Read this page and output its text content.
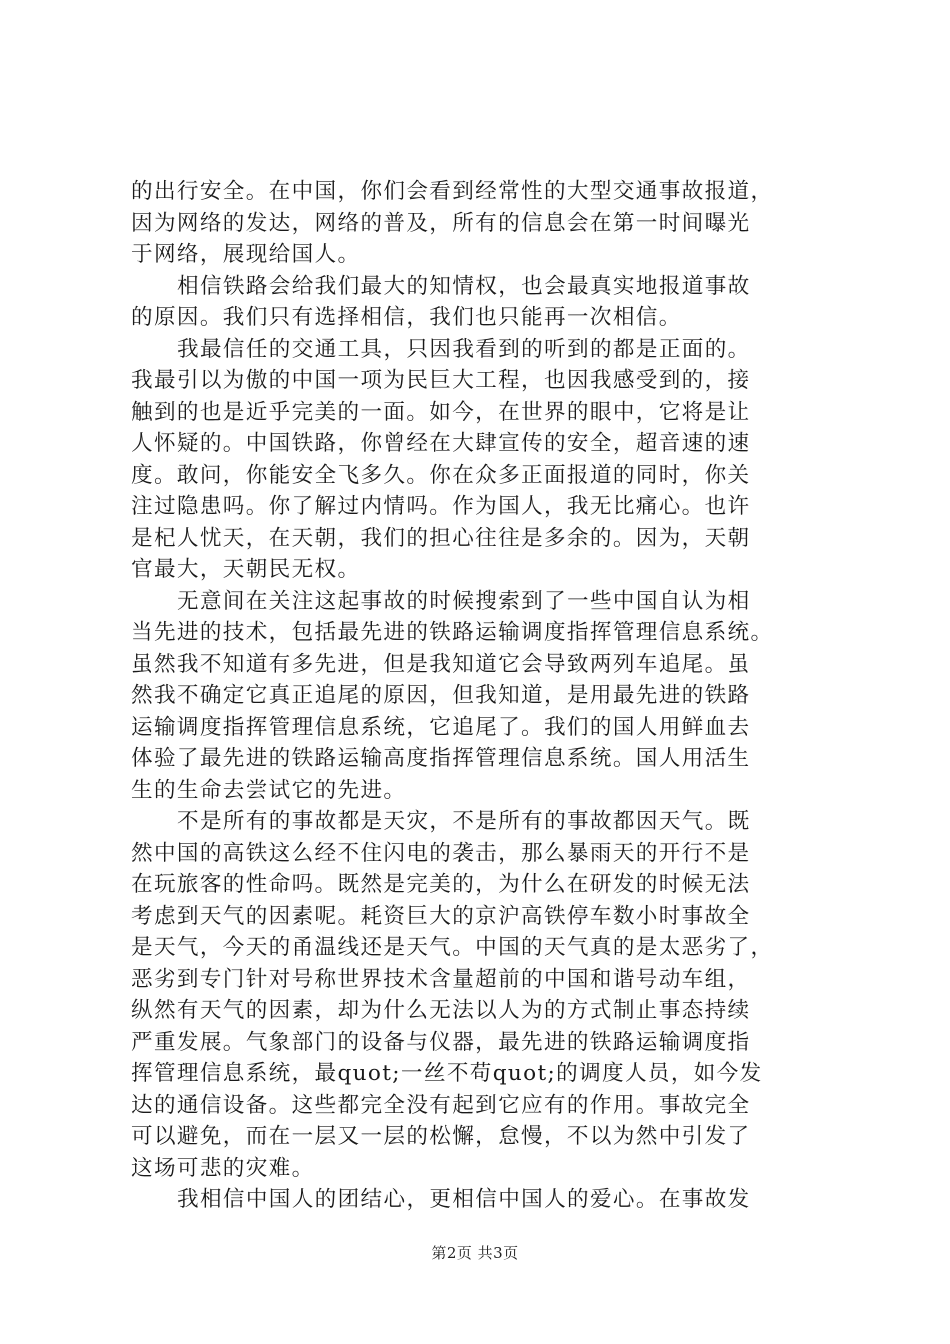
的出行安全。在中国，你们会看到经常性的大型交通事故报道，
因为网络的发达，网络的普及，所有的信息会在第一时间曝光
于网络，展现给国人。
相信铁路会给我们最大的知情权，也会最真实地报道事故
的原因。我们只有选择相信，我们也只能再一次相信。
我最信任的交通工具，只因我看到的听到的都是正面的。
我最引以为傲的中国一项为民巨大工程，也因我感受到的，接
触到的也是近乎完美的一面。如今，在世界的眼中，它将是让
人怀疑的。中国铁路，你曾经在大肆宣传的安全，超音速的速
度。敢问，你能安全飞多久。你在众多正面报道的同时，你关
注过隐患吗。你了解过内情吗。作为国人，我无比痛心。也许
是杞人忧天，在天朝，我们的担心往往是多余的。因为，天朝
官最大，天朝民无权。
无意间在关注这起事故的时候搜索到了一些中国自认为相
当先进的技术，包括最先进的铁路运输调度指挥管理信息系统。
虽然我不知道有多先进，但是我知道它会导致两列车追尾。虽
然我不确定它真正追尾的原因，但我知道，是用最先进的铁路
运输调度指挥管理信息系统，它追尾了。我们的国人用鲜血去
体验了最先进的铁路运输高度指挥管理信息系统。国人用活生
生的生命去尝试它的先进。
不是所有的事故都是天灾，不是所有的事故都因天气。既
然中国的高铁这么经不住闪电的袭击，那么暴雨天的开行不是
在玩旅客的性命吗。既然是完美的，为什么在研发的时候无法
考虑到天气的因素呢。耗资巨大的京沪高铁停车数小时事故全
是天气，今天的甬温线还是天气。中国的天气真的是太恶劣了，
恶劣到专门针对号称世界技术含量超前的中国和谐号动车组，
纵然有天气的因素，却为什么无法以人为的方式制止事态持续
严重发展。气象部门的设备与仪器，最先进的铁路运输调度指
挥管理信息系统，最quot;一丝不苟quot;的调度人员，如今发
达的通信设备。这些都完全没有起到它应有的作用。事故完全
可以避免，而在一层又一层的松懈，怠慢，不以为然中引发了
这场可悲的灾难。
我相信中国人的团结心，更相信中国人的爱心。在事故发
第2页 共3页
